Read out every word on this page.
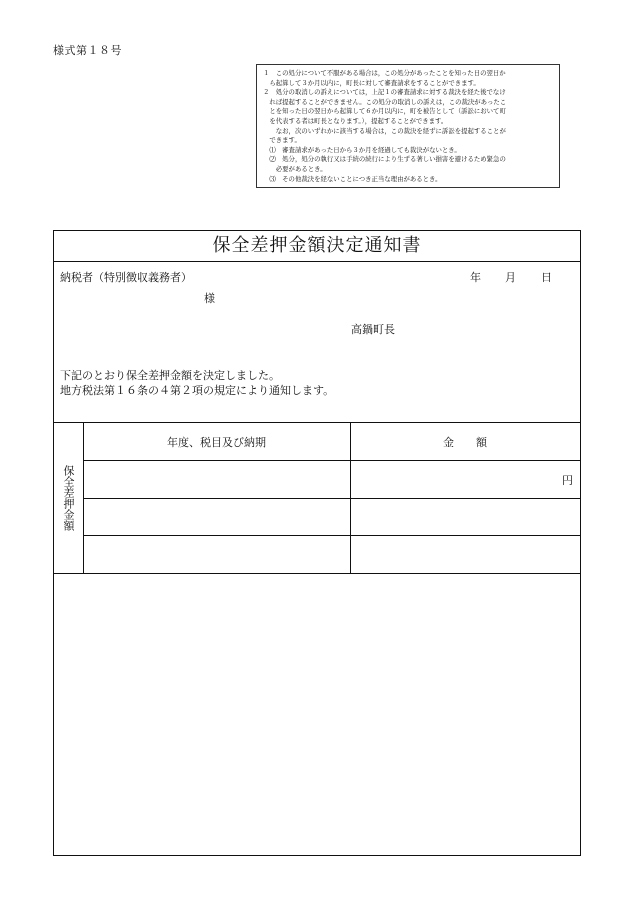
様式第１８号

１　この処分について不服がある場合は，この処分があったことを知った日の翌日か

　ら起算して３か月以内に，町長に対して審査請求をすることができます。

２　処分の取消しの訴えについては，上記１の審査請求に対する裁決を経た後でなけ

　れば提起することができません。この処分の取消しの訴えは，この裁決があったこ

　とを知った日の翌日から起算して６か月以内に，町を被告として（訴訟において町

　を代表する者は町長となります。），提起することができます。

　　なお，次のいずれかに該当する場合は，この裁決を経ずに訴訟を提起することが

　できます。

　⑴　審査請求があった日から３か月を経過しても裁決がないとき。

　⑵　処分，処分の執行又は手続の続行により生ずる著しい損害を避けるため緊急の

　　必要があるとき。

　⑶　その他裁決を経ないことにつき正当な理由があるとき。

保全差押金額決定通知書
納税者（特別徴収義務者）	年 月 日
様
高鍋町長
下記のとおり保全差押金額を決定しました。
地方税法第１６条の４第２項の規定により通知します。
保全差押金額
年度、税目及び納期	金　　額
円
